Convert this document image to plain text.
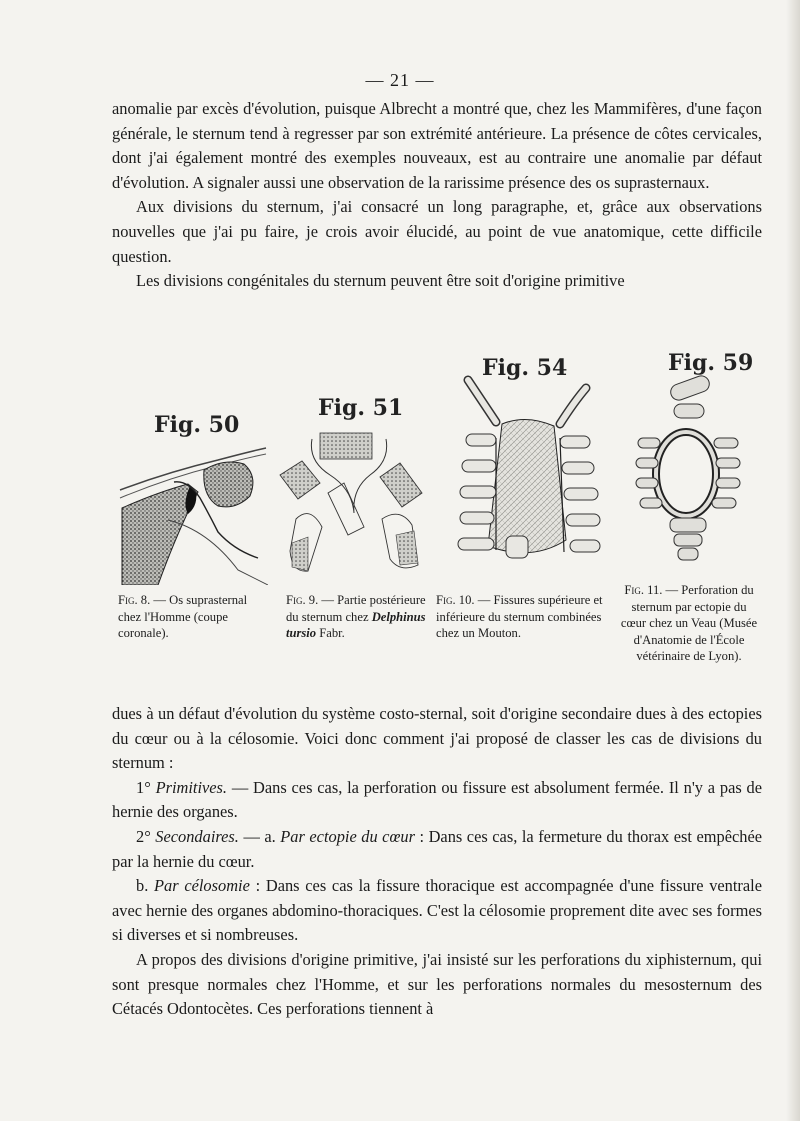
— 21 —

anomalie par excès d'évolution, puisque Albrecht a montré que, chez les Mammifères, d'une façon générale, le sternum tend à regresser par son extrémité antérieure. La présence de côtes cervicales, dont j'ai également montré des exemples nouveaux, est au contraire une anomalie par défaut d'évolution. A signaler aussi une observation de la rarissime présence des os suprasternaux.

Aux divisions du sternum, j'ai consacré un long paragraphe, et, grâce aux observations nouvelles que j'ai pu faire, je crois avoir élucidé, au point de vue anatomique, cette difficile question.

Les divisions congénitales du sternum peuvent être soit d'origine primitive

Fig. 50
Fig. 8. — Os suprasternal chez l'Homme (coupe coronale).
Fig. 51
Fig. 9. — Partie postérieure du sternum chez Delphinus tursio Fabr.
Fig. 54
Fig. 10. — Fissures supérieure et inférieure du sternum combinées chez un Mouton.
Fig. 59
Fig. 11. — Perforation du sternum par ectopie du cœur chez un Veau (Musée d'Anatomie de l'École vétérinaire de Lyon).

dues à un défaut d'évolution du système costo-sternal, soit d'origine secondaire dues à des ectopies du cœur ou à la célosomie. Voici donc comment j'ai proposé de classer les cas de divisions du sternum :

1° Primitives. — Dans ces cas, la perforation ou fissure est absolument fermée. Il n'y a pas de hernie des organes.

2° Secondaires. — a. Par ectopie du cœur : Dans ces cas, la fermeture du thorax est empêchée par la hernie du cœur.

b. Par célosomie : Dans ces cas la fissure thoracique est accompagnée d'une fissure ventrale avec hernie des organes abdomino-thoraciques. C'est la célosomie proprement dite avec ses formes si diverses et si nombreuses.

A propos des divisions d'origine primitive, j'ai insisté sur les perforations du xiphisternum, qui sont presque normales chez l'Homme, et sur les perforations normales du mesosternum des Cétacés Odontocètes. Ces perforations tiennent à
